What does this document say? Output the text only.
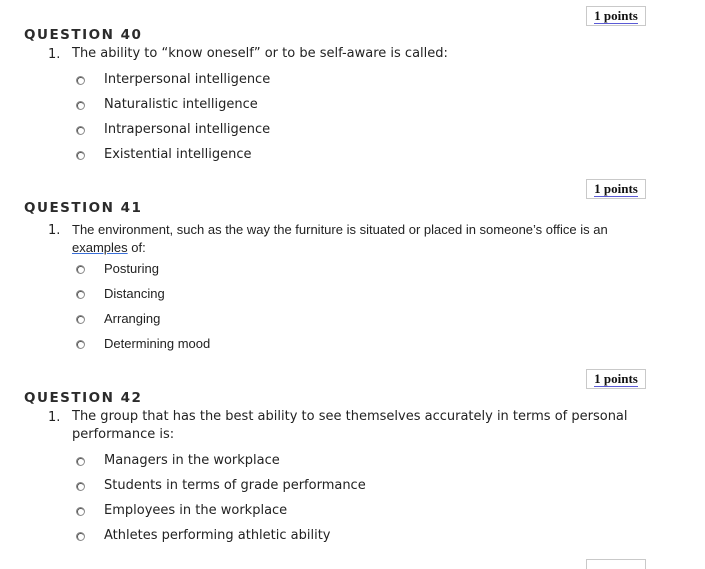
1 points
QUESTION 40
1. The ability to “know oneself” or to be self-aware is called:
Interpersonal intelligence
Naturalistic intelligence
Intrapersonal intelligence
Existential intelligence
1 points
QUESTION 41
1. The environment, such as the way the furniture is situated or placed in someone’s office is an
examples of:
Posturing
Distancing
Arranging
Determining mood
1 points
QUESTION 42
1. The group that has the best ability to see themselves accurately in terms of personal
performance is:
Managers in the workplace
Students in terms of grade performance
Employees in the workplace
Athletes performing athletic ability
